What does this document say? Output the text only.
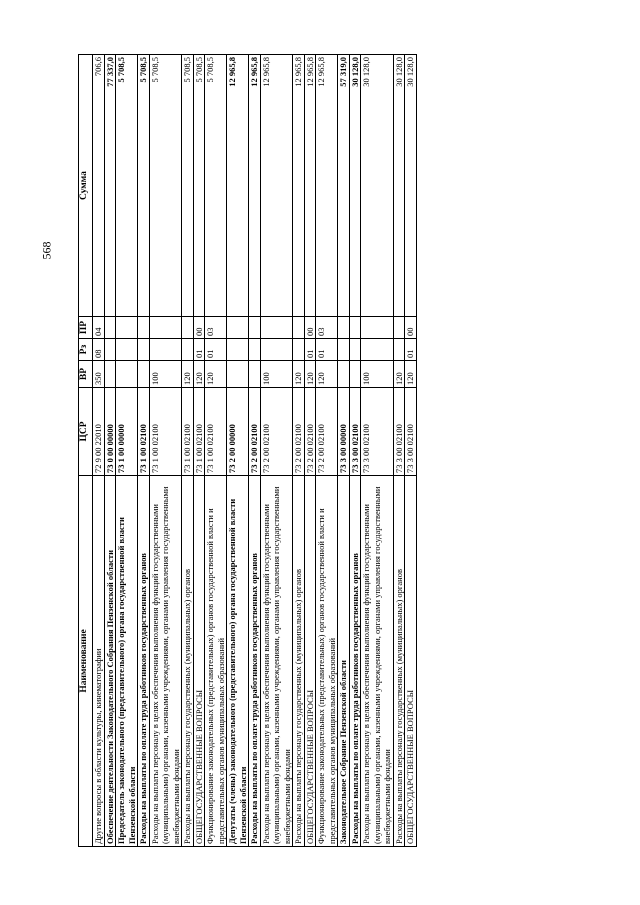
568
Наименование	ЦСР	ВР	Рз	ПР	Сумма
Другие вопросы в области культуры, кинематографии	72 9 00 22010	350	08	04	706,6
Обеспечение деятельности Законодательного Собрания Пензенской области	73 0 00 00000				77 337,0
Председатель законодательного (представительного) органа государственной власти Пензенской области	73 1 00 00000				5 708,5
Расходы на выплаты по оплате труда работников государственных органов	73 1 00 02100				5 708,5
Расходы на выплаты персоналу в целях обеспечения выполнения функций государственными (муниципальными) органами, казенными учреждениями, органами управления государственными внебюджетными фондами	73 1 00 02100	100			5 708,5
Расходы на выплаты персоналу государственных (муниципальных) органов	73 1 00 02100	120			5 708,5
ОБЩЕГОСУДАРСТВЕННЫЕ ВОПРОСЫ	73 1 00 02100	120	01	00	5 708,5
Функционирование законодательных (представительных) органов государственной власти и представительных органов муниципальных образований	73 1 00 02100	120	01	03	5 708,5
Депутаты (члены) законодательного (представительного) органа государственной власти Пензенской области	73 2 00 00000				12 965,8
Расходы на выплаты по оплате труда работников государственных органов	73 2 00 02100				12 965,8
Расходы на выплаты персоналу в целях обеспечения выполнения функций государственными (муниципальными) органами, казенными учреждениями, органами управления государственными внебюджетными фондами	73 2 00 02100	100			12 965,8
Расходы на выплаты персоналу государственных (муниципальных) органов	73 2 00 02100	120			12 965,8
ОБЩЕГОСУДАРСТВЕННЫЕ ВОПРОСЫ	73 2 00 02100	120	01	00	12 965,8
Функционирование законодательных (представительных) органов государственной власти и представительных органов муниципальных образований	73 2 00 02100	120	01	03	12 965,8
Законодательное Собрание Пензенской области	73 3 00 00000				57 319,0
Расходы на выплаты по оплате труда работников государственных органов	73 3 00 02100				30 128,0
Расходы на выплаты персоналу в целях обеспечения выполнения функций государственными (муниципальными) органами, казенными учреждениями, органами управления государственными внебюджетными фондами	73 3 00 02100	100			30 128,0
Расходы на выплаты персоналу государственных (муниципальных) органов	73 3 00 02100	120			30 128,0
ОБЩЕГОСУДАРСТВЕННЫЕ ВОПРОСЫ	73 3 00 02100	120	01	00	30 128,0
